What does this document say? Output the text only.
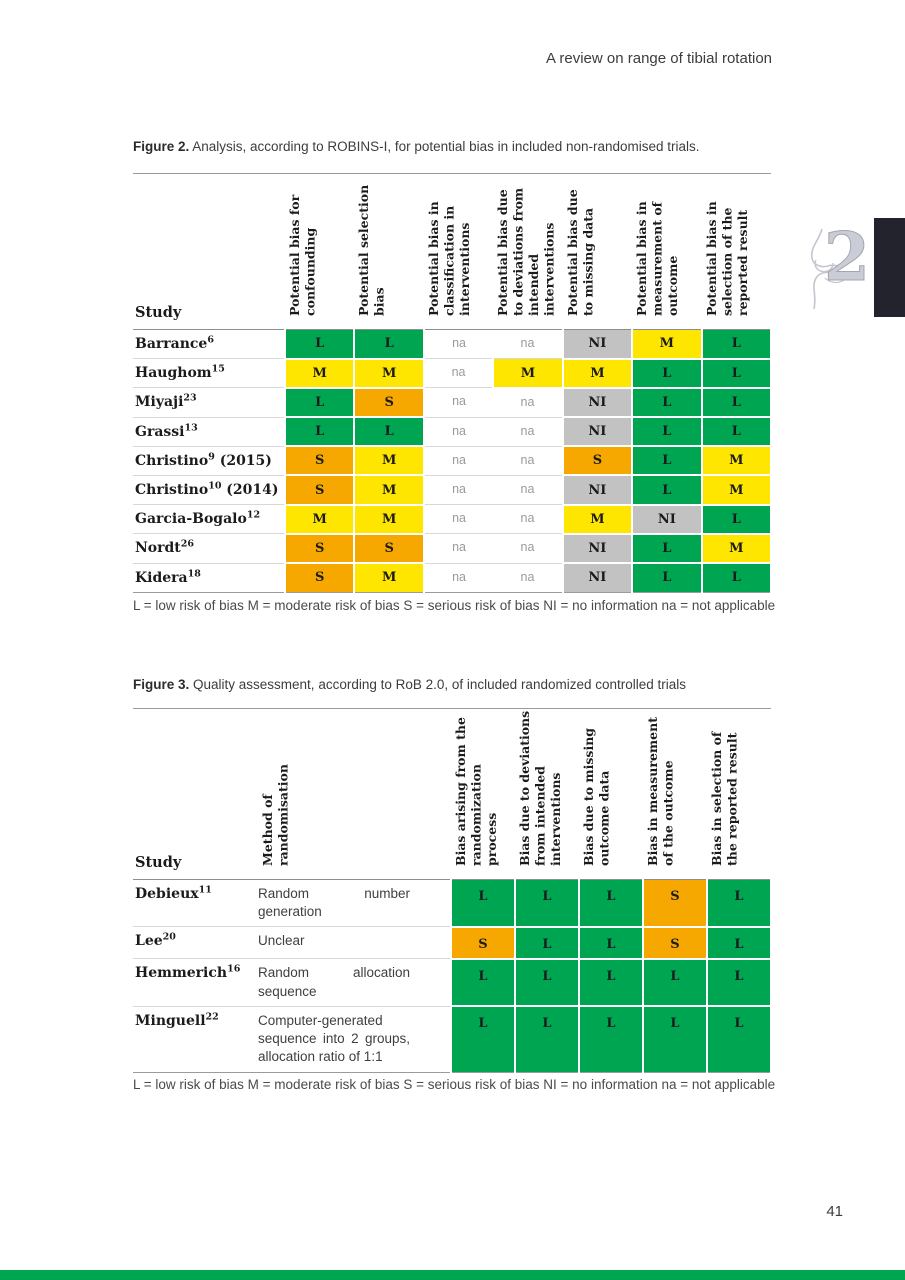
A review on range of tibial rotation

Figure 2. Analysis, according to ROBINS-I, for potential bias in included non-randomised trials.

Study	Potential bias for confounding	Potential selection bias	Potential bias in classification in interventions	Potential bias due to deviations from intended interventions	Potential bias due to missing data	Potential bias in measurement of outcome	Potential bias in selection of the reported result
Barrance$^6$	L	L	na	na	NI	M	L
Haughom$^{15}$	M	M	na	M	M	L	L
Miyaji$^{23}$	L	S	na	na	NI	L	L
Grassi$^{13}$	L	L	na	na	NI	L	L
Christino$^9$ (2015)	S	M	na	na	S	L	M
Christino$^{10}$ (2014)	S	M	na	na	NI	L	M
Garcia-Bogalo$^{12}$	M	M	na	na	M	NI	L
Nordt$^{26}$	S	S	na	na	NI	L	M
Kidera$^{18}$	S	M	na	na	NI	L	L

L = low risk of bias M = moderate risk of bias S = serious risk of bias NI = no information na = not applicable

Figure 3. Quality assessment, according to RoB 2.0, of included randomized controlled trials

Study	Method of randomisation	Bias arising from the randomization process	Bias due to deviations from intended interventions	Bias due to missing outcome data	Bias in measurement of the outcome	Bias in selection of the reported result
Debieux$^{11}$	Random number generation	L	L	L	S	L
Lee$^{20}$	Unclear	S	L	L	S	L
Hemmerich$^{16}$	Random allocation sequence	L	L	L	L	L
Minguell$^{22}$	Computer-generated sequence into 2 groups, allocation ratio of 1:1	L	L	L	L	L

L = low risk of bias M = moderate risk of bias S = serious risk of bias NI = no information na = not applicable

41
2
